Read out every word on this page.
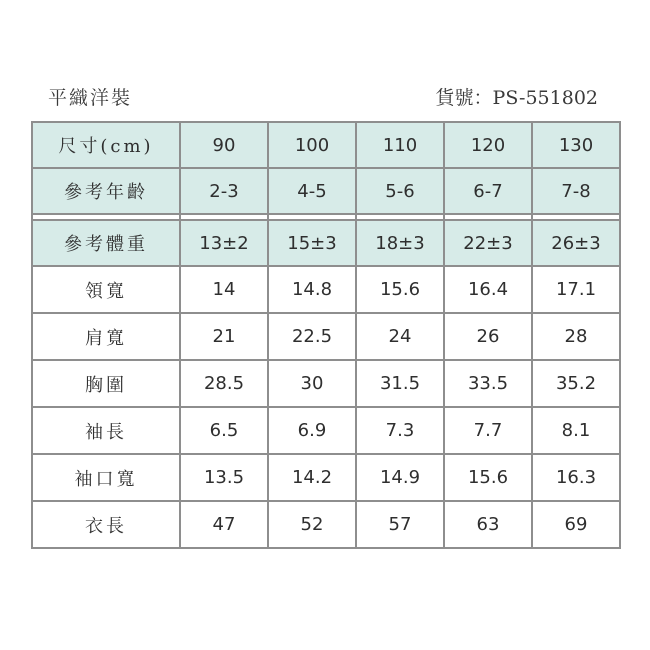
平織洋裝	貨號：PS-551802
尺寸(cm)	90	100	110	120	130
參考年齡	2-3	4-5	5-6	6-7	7-8

參考體重	13±2	15±3	18±3	22±3	26±3
領寬	14	14.8	15.6	16.4	17.1
肩寬	21	22.5	24	26	28
胸圍	28.5	30	31.5	33.5	35.2
袖長	6.5	6.9	7.3	7.7	8.1
袖口寬	13.5	14.2	14.9	15.6	16.3
衣長	47	52	57	63	69
